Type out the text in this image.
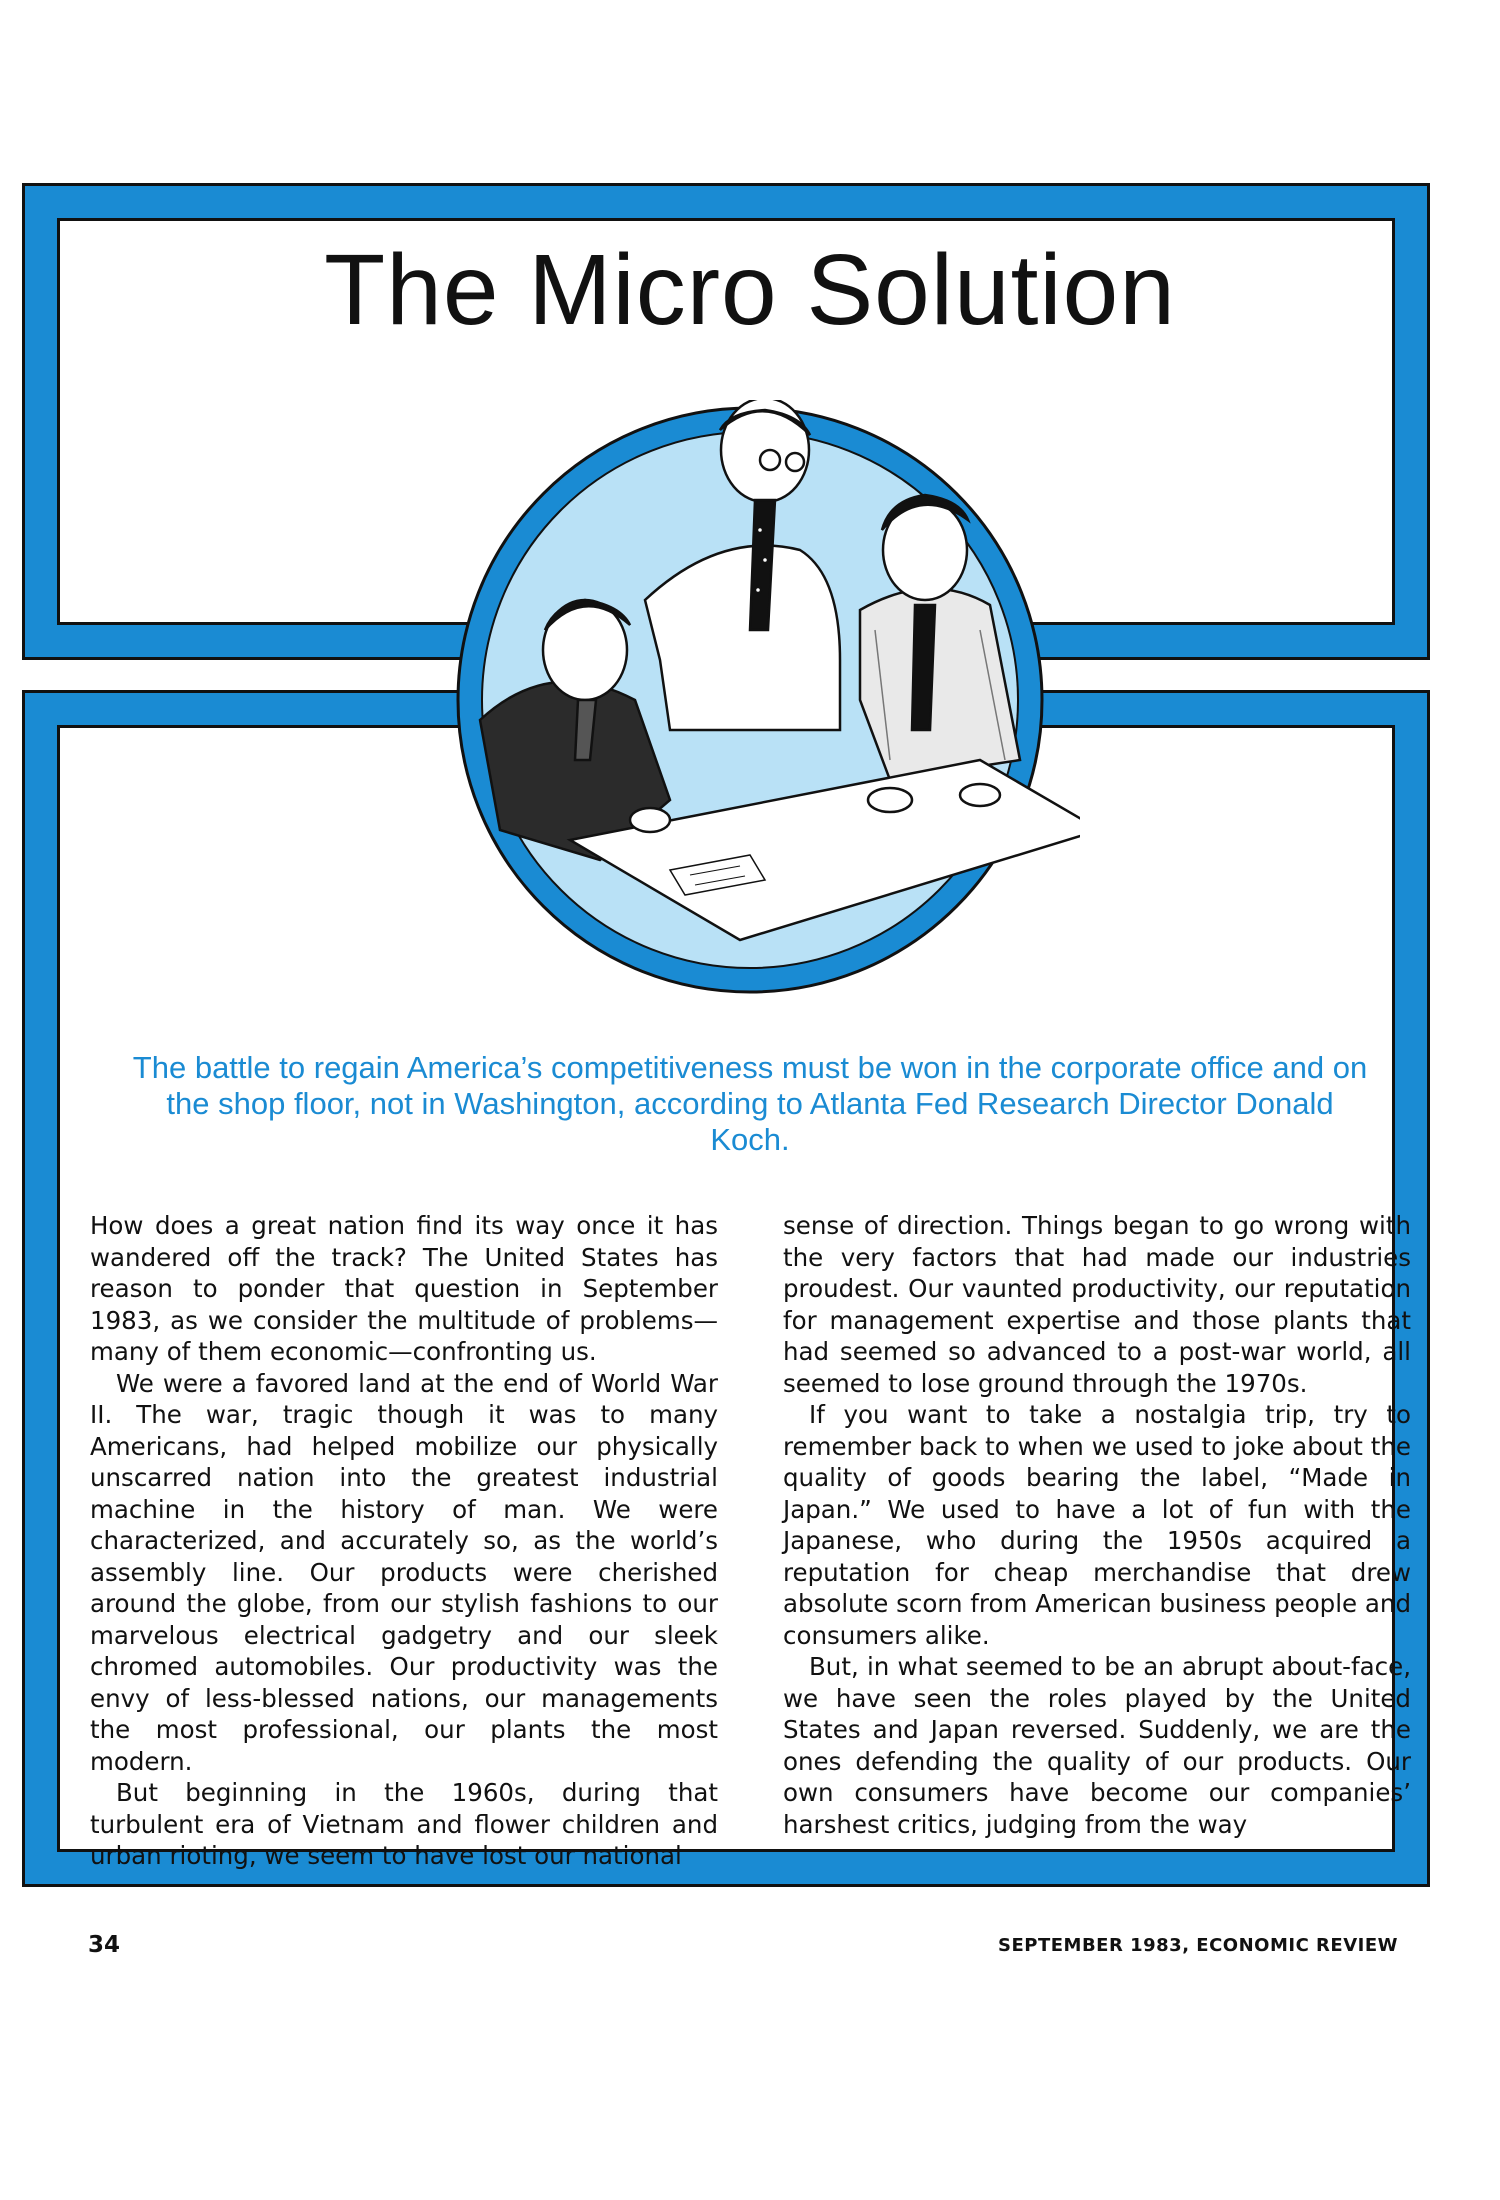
The Micro Solution
The battle to regain America’s competitiveness must be won in the corporate office and on the shop floor, not in Washington, according to Atlanta Fed Research Director Donald Koch.

How does a great nation find its way once it has wandered off the track? The United States has reason to ponder that question in September 1983, as we consider the multitude of problems— many of them economic—confronting us.

We were a favored land at the end of World War II. The war, tragic though it was to many Americans, had helped mobilize our physically unscarred nation into the greatest industrial machine in the history of man. We were characterized, and accurately so, as the world’s assembly line. Our products were cherished around the globe, from our stylish fashions to our marvelous electrical gadgetry and our sleek chromed automobiles. Our productivity was the envy of less-blessed nations, our managements the most professional, our plants the most modern.

But beginning in the 1960s, during that turbulent era of Vietnam and flower children and urban rioting, we seem to have lost our national

sense of direction. Things began to go wrong with the very factors that had made our industries proudest. Our vaunted productivity, our reputation for management expertise and those plants that had seemed so advanced to a post-war world, all seemed to lose ground through the 1970s.

If you want to take a nostalgia trip, try to remember back to when we used to joke about the quality of goods bearing the label, “Made in Japan.” We used to have a lot of fun with the Japanese, who during the 1950s acquired a reputation for cheap merchandise that drew absolute scorn from American business people and consumers alike.

But, in what seemed to be an abrupt about-face, we have seen the roles played by the United States and Japan reversed. Suddenly, we are the ones defending the quality of our products. Our own consumers have become our companies’ harshest critics, judging from the way

34	SEPTEMBER 1983, ECONOMIC REVIEW
